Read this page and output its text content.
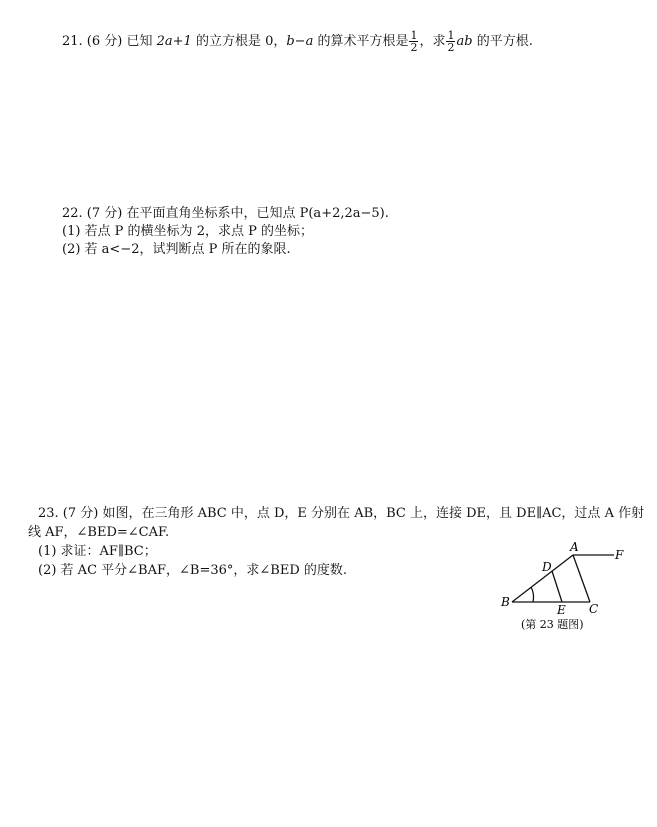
21. (6 分) 已知 2a+1 的立方根是 0，b−a 的算术平方根是 $\frac{1}{2}$ ，求 $\frac{1}{2}$ ab 的平方根.
22. (7 分) 在平面直角坐标系中，已知点 P(a+2,2a−5).
(1) 若点 P 的横坐标为 2，求点 P 的坐标；
(2) 若 a<−2，试判断点 P 所在的象限.
23. (7 分) 如图，在三角形 ABC 中，点 D，E 分别在 AB，BC 上，连接 DE，且 DE∥AC，过点 A 作射
线 AF，∠BED=∠CAF.
(1) 求证：AF∥BC；
(2) 若 AC 平分∠BAF，∠B=36°，求∠BED 的度数.
A
B	C
D
E
F
(第 23 题图)
